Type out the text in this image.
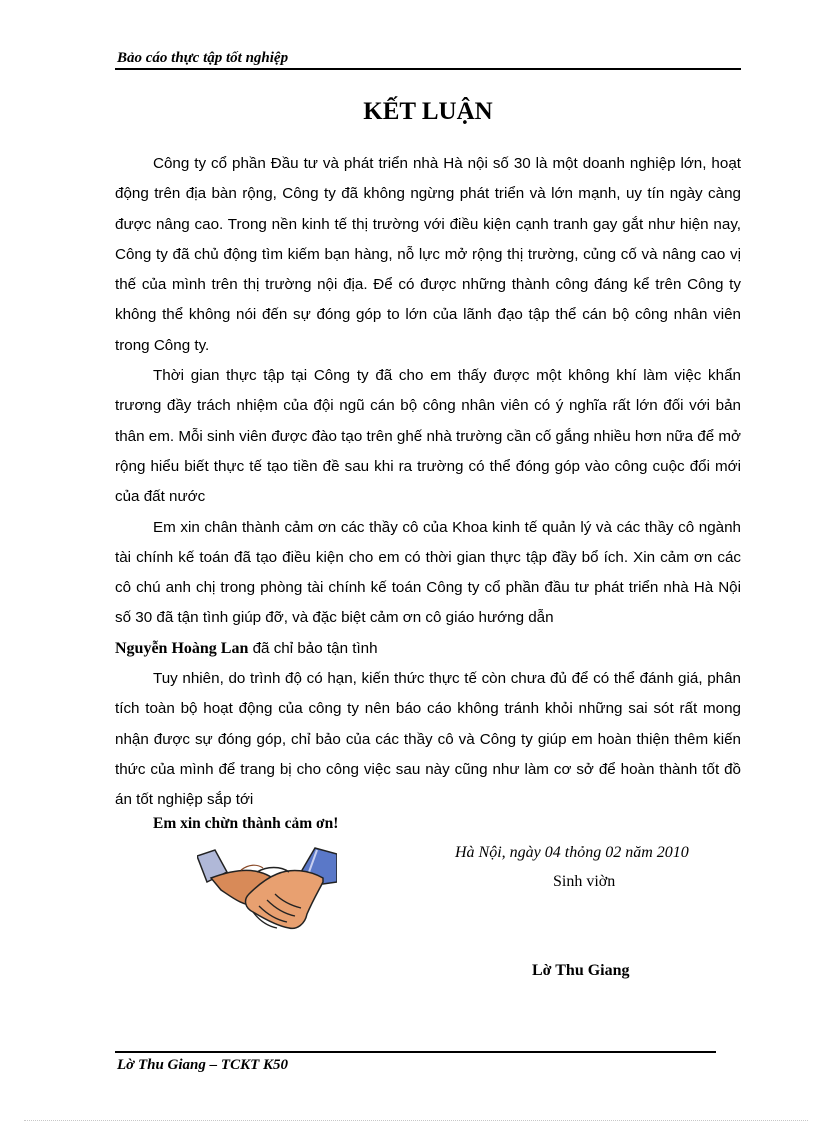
Bảo cáo thực tập tốt nghiệp
KẾT LUẬN

Công ty cổ phần Đầu tư và phát triển nhà Hà nội số 30 là một doanh nghiệp lớn, hoạt động trên địa bàn rộng, Công ty đã không ngừng phát triển và lớn mạnh, uy tín ngày càng được nâng cao. Trong nền kinh tế thị trường với điều kiện cạnh tranh gay gắt như hiện nay, Công ty đã chủ động tìm kiếm bạn hàng, nỗ lực mở rộng thị trường, củng cố và nâng cao vị thế của mình trên thị trường nội địa. Để có được những thành công đáng kể trên Công ty không thể không nói đến sự đóng góp to lớn của lãnh đạo tập thể cán bộ công nhân viên trong Công ty.

Thời gian thực tập tại Công ty đã cho em thấy được một không khí làm việc khẩn trương đầy trách nhiệm của đội ngũ cán bộ công nhân viên có ý nghĩa rất lớn đối với bản thân em. Mỗi sinh viên được đào tạo trên ghế nhà trường cần cố gắng nhiều hơn nữa để mở rộng hiểu biết thực tế tạo tiền đề sau khi ra trường có thể đóng góp vào công cuộc đổi mới của đất nước

Em xin chân thành cảm ơn các thầy cô của Khoa kinh tế quản lý và các thầy cô ngành tài chính kế toán đã tạo điều kiện cho em có thời gian thực tập đầy bổ ích. Xin cảm ơn các cô chú anh chị trong phòng tài chính kế toán Công ty cổ phần đầu tư phát triển nhà Hà Nội số 30 đã tận tình giúp đỡ, và đặc biệt cảm ơn cô giáo hướng dẫn
Nguyễn Hoàng Lan đã chỉ bảo tận tình

Tuy nhiên, do trình độ có hạn, kiến thức thực tế còn chưa đủ để có thể đánh giá, phân tích toàn bộ hoạt động của công ty nên báo cáo không tránh khỏi những sai sót rất mong nhận được sự đóng góp, chỉ bảo của các thầy cô và Công ty giúp em hoàn thiện thêm kiến thức của mình để trang bị cho công việc sau này cũng như làm cơ sở để hoàn thành tốt đồ án tốt nghiệp sắp tới

Em xin chừn thành cảm ơn!
Hà Nội, ngày 04 thỏng 02 năm 2010
Sinh viờn
Lờ Thu Giang
Lờ Thu Giang – TCKT K50
